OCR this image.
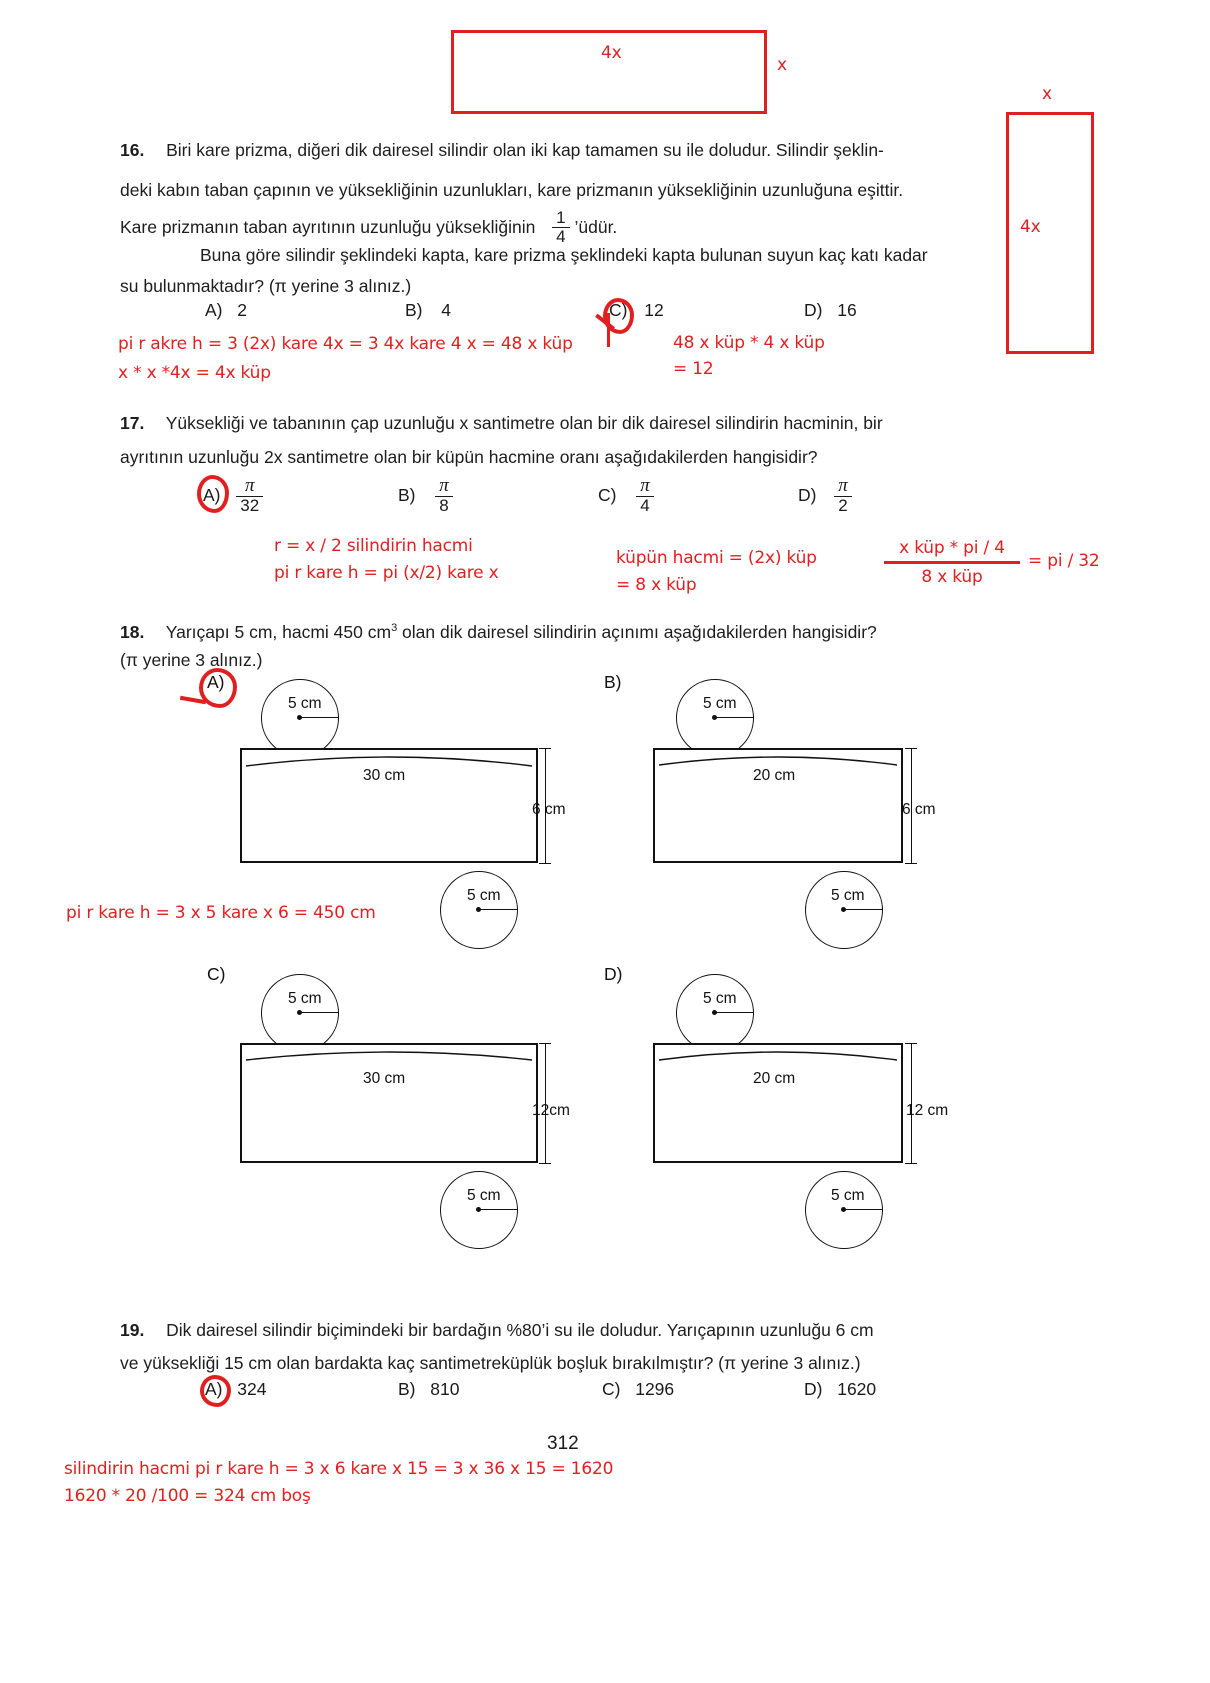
4x
x
x
4x
16. Biri kare prizma, diğeri dik dairesel silindir olan iki kap tamamen su ile doludur. Silindir şeklin-
deki kabın taban çapının ve yüksekliğinin uzunlukları, kare prizmanın yüksekliğinin uzunluğuna eşittir.
Kare prizmanın taban ayrıtının uzunluğu yüksekliğinin $\frac{1}{4}$ ’üdür.
Buna göre silindir şeklindeki kapta, kare prizma şeklindeki kapta bulunan suyun kaç katı kadar
su bulunmaktadır? (π yerine 3 alınız.)
A) 2	B) 4	C) 12	D) 16
pi r akre h = 3 (2x) kare 4x = 3 4x kare 4 x = 48 x küp
x * x *4x = 4x küp
48 x küp * 4 x küp
= 12
17. Yüksekliği ve tabanının çap uzunluğu x santimetre olan bir dik dairesel silindirin hacminin, bir
ayrıtının uzunluğu 2x santimetre olan bir küpün hacmine oranı aşağıdakilerden hangisidir?
$A) \frac{\pi}{32}$	$B) \frac{\pi}{8}$	$C) \frac{\pi}{4}$	$D) \frac{\pi}{2}$
r = x / 2 silindirin hacmi
pi r kare h = pi (x/2) kare x
küpün hacmi = (2x) küp
= 8 x küp
x küp * pi / 4
8 x küp
= pi / 32
18. Yarıçapı 5 cm, hacmi 450 $cm^3$ olan dik dairesel silindirin açınımı aşağıdakilerden hangisidir?
(π yerine 3 alınız.)
A)
5 cm
30 cm
6 cm
5 cm
B)
5 cm
20 cm
6 cm
5 cm
pi r kare h = 3 x 5 kare x 6 = 450 cm
C)
5 cm
30 cm
12cm
5 cm
D)
5 cm
20 cm
12 cm
5 cm
19. Dik dairesel silindir biçimindeki bir bardağın %80’i su ile doludur. Yarıçapının uzunluğu 6 cm
ve yüksekliği 15 cm olan bardakta kaç santimetreküplük boşluk bırakılmıştır? (π yerine 3 alınız.)
A) 324	B) 810	C) 1296	D) 1620
312
silindirin hacmi pi r kare h = 3 x 6 kare x 15 = 3 x 36 x 15 = 1620
1620 * 20 /100 = 324 cm boş
